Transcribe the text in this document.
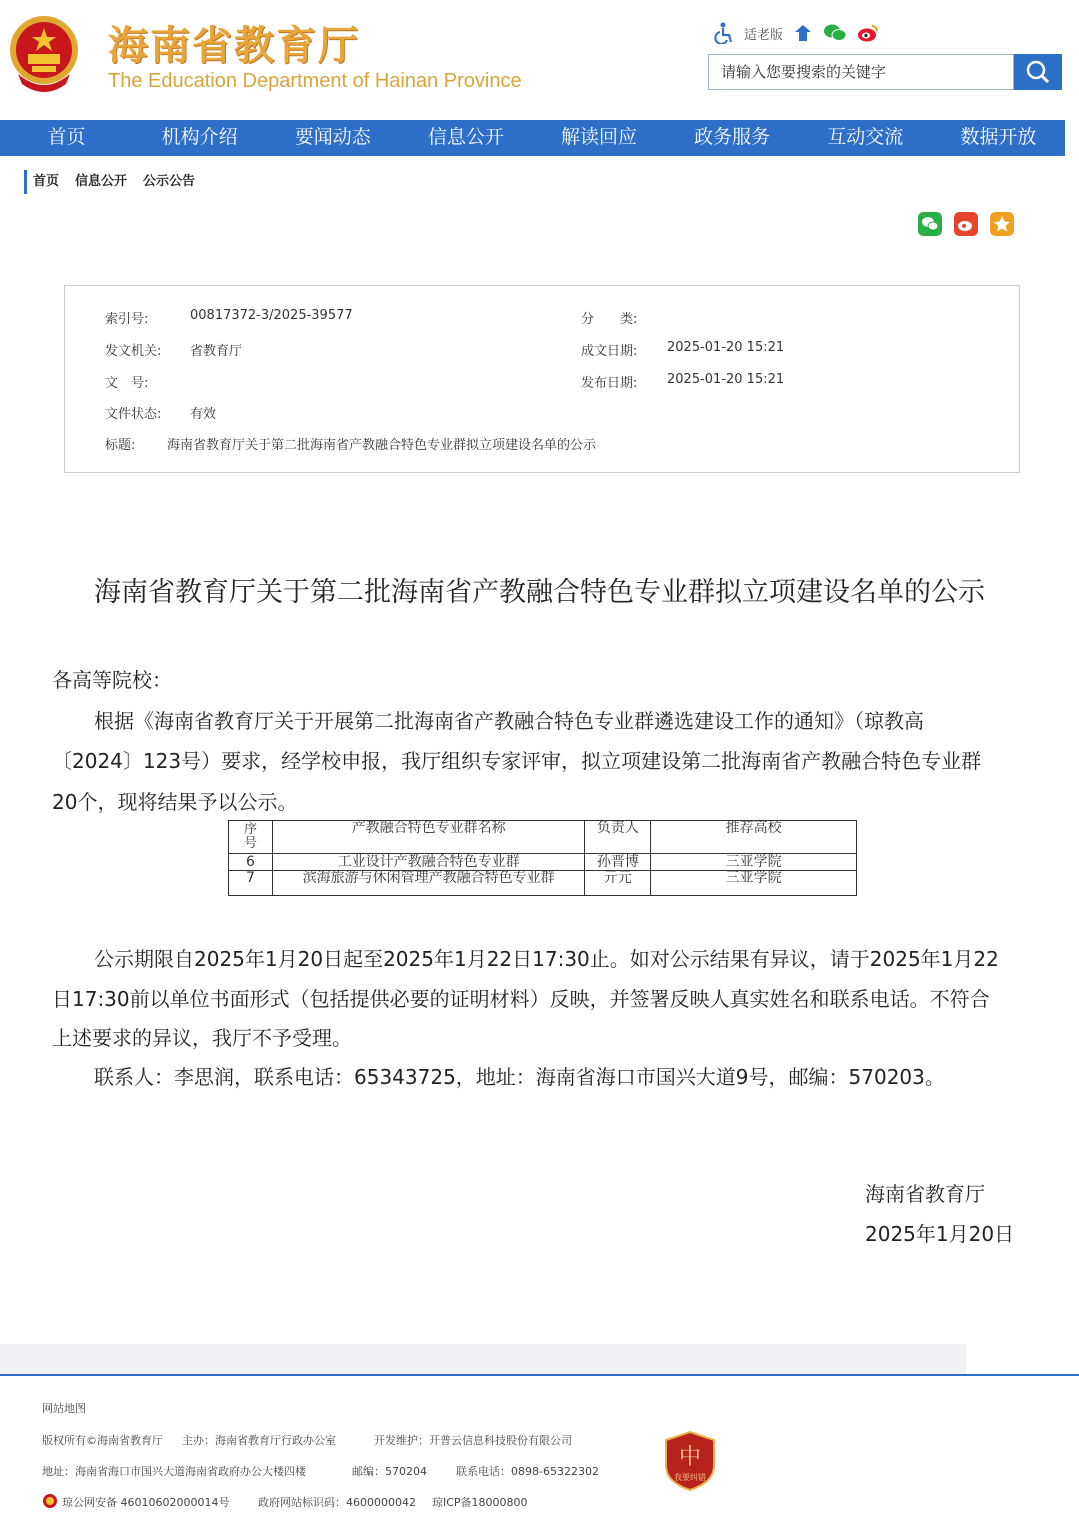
海南省教育厅
The Education Department of Hainan Province
适老版
请输入您要搜索的关键字
首页	机构介绍	要闻动态	信息公开	解读回应	政务服务	互动交流	数据开放
首页 信息公开 公示公告
索引号:	00817372-3/2025-39577	分　　类:
发文机关: 省教育厅	成文日期: 2025-01-20 15:21
文　号:	发布日期: 2025-01-20 15:21
文件状态: 有效
标题: 海南省教育厅关于第二批海南省产教融合特色专业群拟立项建设名单的公示
海南省教育厅关于第二批海南省产教融合特色专业群拟立项建设名单的公示
各高等院校：
根据《海南省教育厅关于开展第二批海南省产教融合特色专业群遴选建设工作的通知》（琼教高
〔2024〕123号）要求，经学校申报，我厅组织专家评审，拟立项建设第二批海南省产教融合特色专业群
20个，现将结果予以公示。
序号	产教融合特色专业群名称	负责人	推荐高校
6	工业设计产教融合特色专业群	孙晋博	三亚学院
7	滨海旅游与休闲管理产教融合特色专业群	亓元	三亚学院
公示期限自2025年1月20日起至2025年1月22日17:30止。如对公示结果有异议，请于2025年1月22
日17:30前以单位书面形式（包括提供必要的证明材料）反映，并签署反映人真实姓名和联系电话。不符合
上述要求的异议，我厅不予受理。
联系人：李思润，联系电话：65343725，地址：海南省海口市国兴大道9号，邮编：570203。
海南省教育厅
2025年1月20日
网站地图
版权所有©海南省教育厅 主办：海南省教育厅行政办公室	开发维护：开普云信息科技股份有限公司
地址：海南省海口市国兴大道海南省政府办公大楼四楼	邮编：570204	联系电话：0898-65322302
琼公网安备 46010602000014号	政府网站标识码：4600000042 琼ICP备18000800
中
我要纠错
